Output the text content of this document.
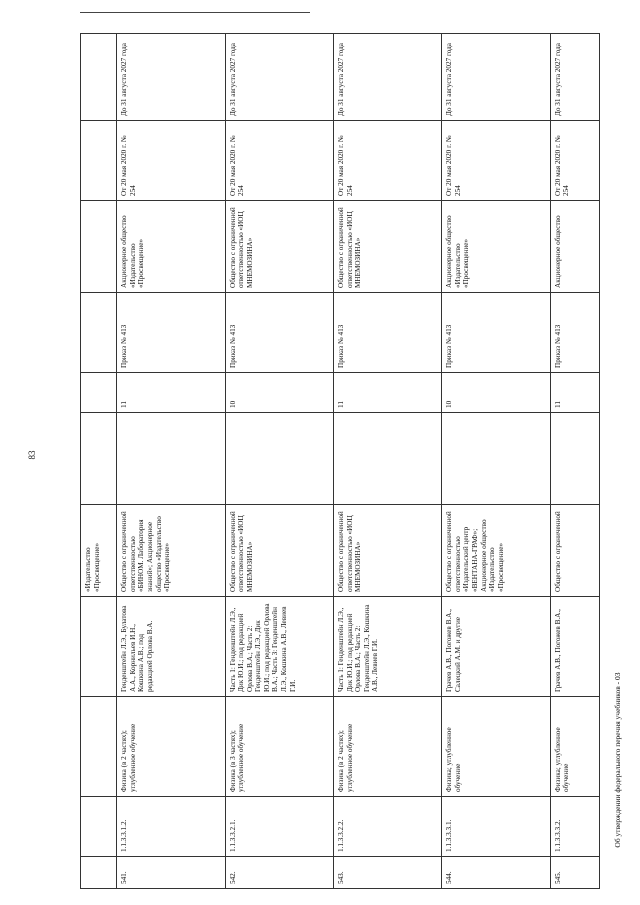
83
				«Издательство «Просвещение»						
541.	1.1.3.3.1.2.	Физика (в 2 частях); углубленное обучение	Генденштейн Л.Э., Булатова А.А., Корнильев И.Н., Кошкина А.В.; под редакцией Орлова В.А.	Общество с ограниченной ответственностью «БИНОМ. Лаборатория знаний»; Акционерное общество «Издательство «Просвещение»		11	Приказ № 413	Акционерное общество «Издательство «Просвещение»	От 20 мая 2020 г. № 254	До 31 августа 2027 года
542.	1.1.3.3.2.1.	Физика (в 3 частях); углубленное обучение	Часть 1: Генденштейн Л.Э., Дик Ю.И.; под редакцией Орлова В.А.; Часть 2: Генденштейн Л.Э., Дик Ю.И.; под редакцией Орлова В.А.; Часть 3: Генденштейн Л.Э., Кошкина А.В., Левиев Г.И.	Общество с ограниченной ответственностью «ИОЦ МНЕМОЗИНА»		10	Приказ № 413	Общество с ограниченной ответственностью «ИОЦ МНЕМОЗИНА»	От 20 мая 2020 г. № 254	До 31 августа 2027 года
543.	1.1.3.3.2.2.	Физика (в 2 частях); углубленное обучение	Часть 1: Генденштейн Л.Э., Дик Ю.И.; под редакцией Орлова В.А.; Часть 2: Генденштейн Л.Э., Кошкина А.В., Левиев Г.И.	Общество с ограниченной ответственностью «ИОЦ МНЕМОЗИНА»		11	Приказ № 413	Общество с ограниченной ответственностью «ИОЦ МНЕМОЗИНА»	От 20 мая 2020 г. № 254	До 31 августа 2027 года
544.	1.1.3.3.3.1.	Физика; углубленное обучение	Грачев А.В., Погожев В.А., Салецкий А.М. и другие	Общество с ограниченной ответственностью «Издательский центр «ВЕНТАНА-ГРАФ»; Акционерное общество «Издательство «Просвещение»		10	Приказ № 413	Акционерное общество «Издательство «Просвещение»	От 20 мая 2020 г. № 254	До 31 августа 2027 года
545.	1.1.3.3.3.2.	Физика; углубленное обучение	Грачев А.В., Погожев В.А.,	Общество с ограниченной		11	Приказ № 413	Акционерное общество	От 20 мая 2020 г. № 254	До 31 августа 2027 года
Об утверждении федерального перечня учебников - 03
